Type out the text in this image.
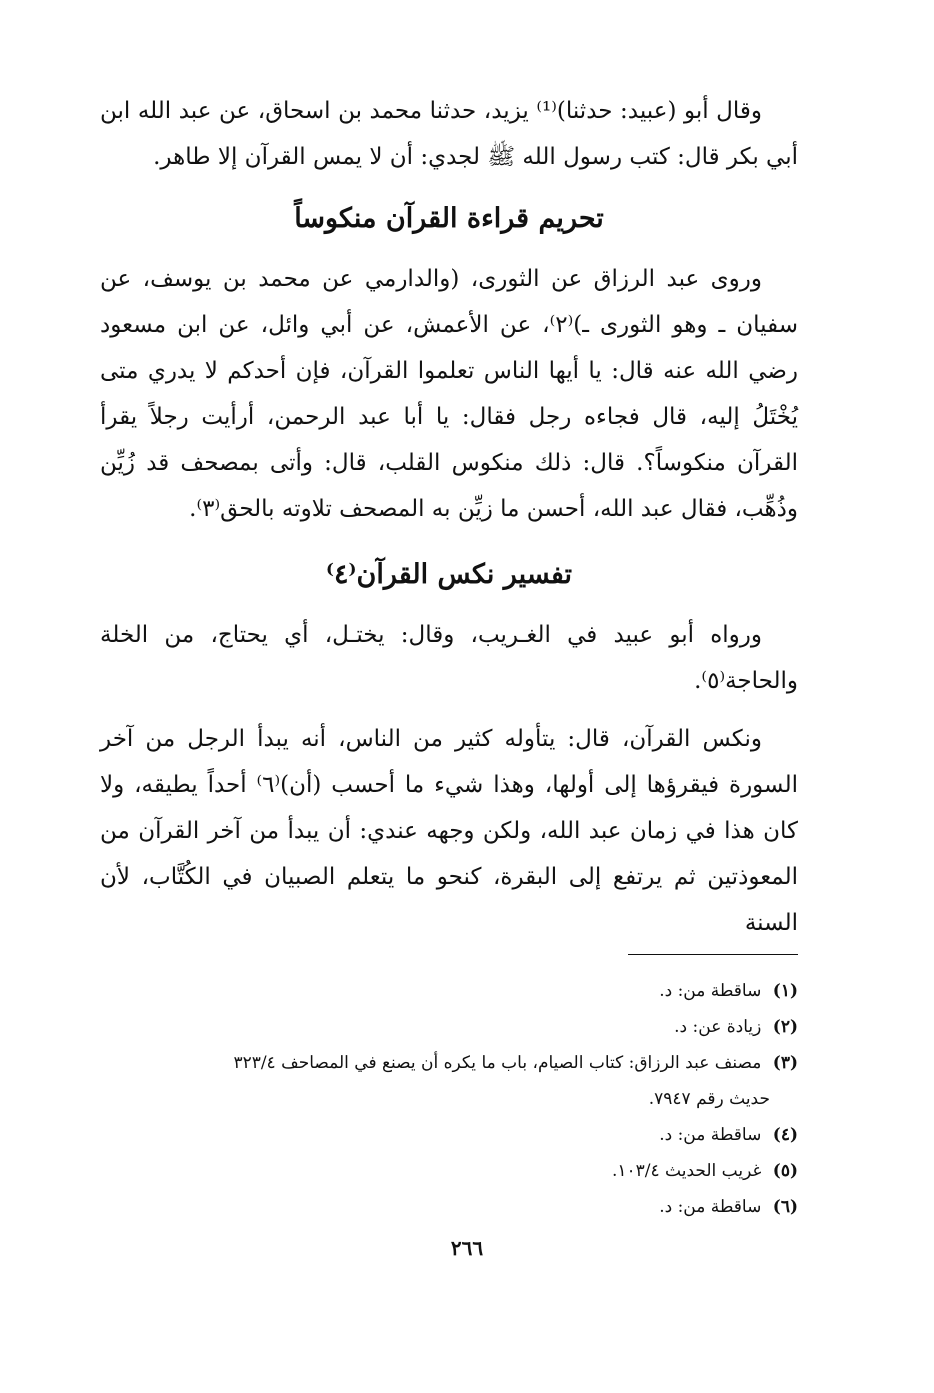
وقال أبو (عبيد: حدثنا)⁽¹⁾ يزيد، حدثنا محمد بن اسحاق، عن عبد الله ابن أبي بكر قال: كتب رسول الله ﷺ لجدي: أن لا يمس القرآن إلا طاهر.

تحريم قراءة القرآن منكوساً

وروى عبد الرزاق عن الثورى، (والدارمي عن محمد بن يوسف، عن سفيان ـ وهو الثورى ـ)⁽٢⁾، عن الأعمش، عن أبي وائل، عن ابن مسعود رضي الله عنه قال: يا أيها الناس تعلموا القرآن، فإن أحدكم لا يدري متى يُخْتَلُ إليه، قال فجاءه رجل فقال: يا أبا عبد الرحمن، أرأيت رجلاً يقرأ القرآن منكوساً؟. قال: ذلك منكوس القلب، قال: وأتى بمصحف قد زُيِّن وذُهِّب، فقال عبد الله، أحسن ما زيِّن به المصحف تلاوته بالحق⁽٣⁾.

تفسير نكس القرآن⁽٤⁾

ورواه أبو عبيد في الغـريب، وقال: يختـل، أي يحتاج، من الخلة والحاجة⁽٥⁾.

ونكس القرآن، قال: يتأوله كثير من الناس، أنه يبدأ الرجل من آخر السورة فيقرؤها إلى أولها، وهذا شيء ما أحسب (أن)⁽٦⁾ أحداً يطيقه، ولا كان هذا في زمان عبد الله، ولكن وجهه عندي: أن يبدأ من آخر القرآن من المعوذتين ثم يرتفع إلى البقرة، كنحو ما يتعلم الصبيان في الكُتَّاب، لأن السنة

(١) ساقطة من: د.
(٢) زيادة عن: د.
(٣) مصنف عبد الرزاق: كتاب الصيام، باب ما يكره أن يصنع في المصاحف ٣٢٣/٤
حديث رقم ٧٩٤٧.
(٤) ساقطة من: د.
(٥) غريب الحديث ١٠٣/٤.
(٦) ساقطة من: د.
٢٦٦
